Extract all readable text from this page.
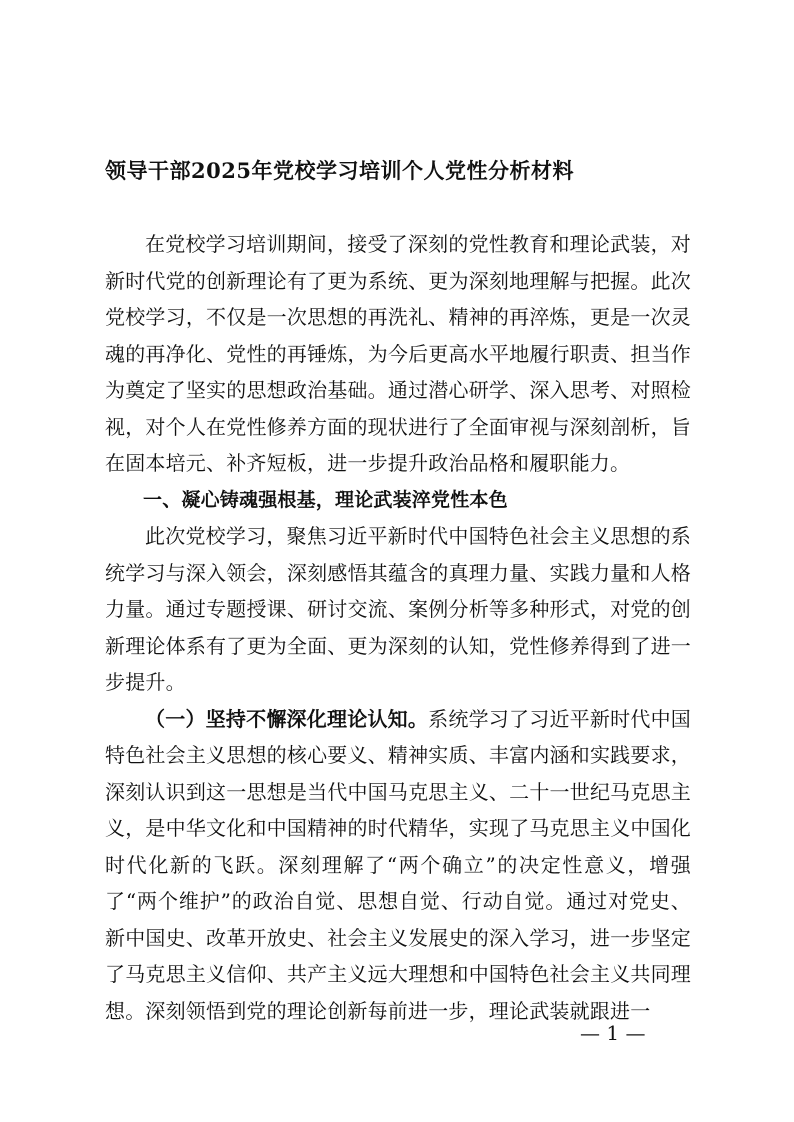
领导干部2025年党校学习培训个人党性分析材料

在党校学习培训期间，接受了深刻的党性教育和理论武装，对新时代党的创新理论有了更为系统、更为深刻地理解与把握。此次党校学习，不仅是一次思想的再洗礼、精神的再淬炼，更是一次灵魂的再净化、党性的再锤炼，为今后更高水平地履行职责、担当作为奠定了坚实的思想政治基础。通过潜心研学、深入思考、对照检视，对个人在党性修养方面的现状进行了全面审视与深刻剖析，旨在固本培元、补齐短板，进一步提升政治品格和履职能力。

一、凝心铸魂强根基，理论武装淬党性本色

此次党校学习，聚焦习近平新时代中国特色社会主义思想的系统学习与深入领会，深刻感悟其蕴含的真理力量、实践力量和人格力量。通过专题授课、研讨交流、案例分析等多种形式，对党的创新理论体系有了更为全面、更为深刻的认知，党性修养得到了进一步提升。

（一）坚持不懈深化理论认知。系统学习了习近平新时代中国特色社会主义思想的核心要义、精神实质、丰富内涵和实践要求，深刻认识到这一思想是当代中国马克思主义、二十一世纪马克思主义，是中华文化和中国精神的时代精华，实现了马克思主义中国化时代化新的飞跃。深刻理解了“两个确立”的决定性意义，增强了“两个维护”的政治自觉、思想自觉、行动自觉。通过对党史、新中国史、改革开放史、社会主义发展史的深入学习，进一步坚定了马克思主义信仰、共产主义远大理想和中国特色社会主义共同理想。深刻领悟到党的理论创新每前进一步，理论武装就跟进一

— 1 —
